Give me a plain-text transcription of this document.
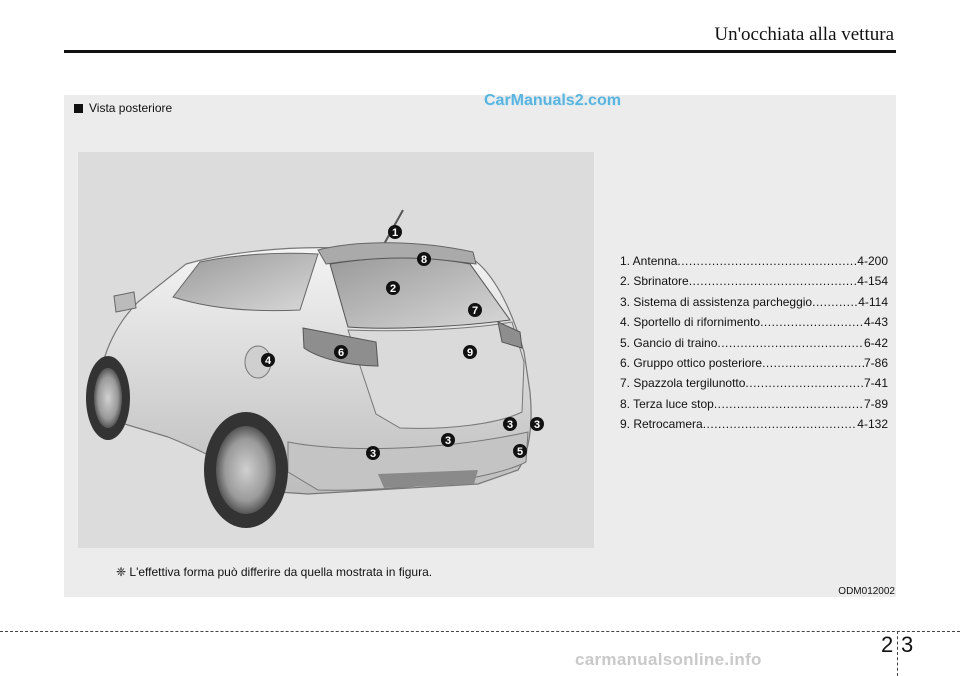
Un'occhiata alla vettura
Vista posteriore	CarManuals2.com
1
8
2
7
6	9
4
3 3
3
3	5
1. Antenna .....	4-200
2. Sbrinatore .....	4-154
3. Sistema di assistenza parcheggio .....	4-114
4. Sportello di rifornimento .....	4-43
5. Gancio di traino .....	6-42
6. Gruppo ottico posteriore .....	7-86
7. Spazzola tergilunotto .....	7-41
8. Terza luce stop .....	7-89
9. Retrocamera .....	4-132
❈ L'effettiva forma può differire da quella mostrata in figura.
ODM012002
2 3
carmanualsonline.info
